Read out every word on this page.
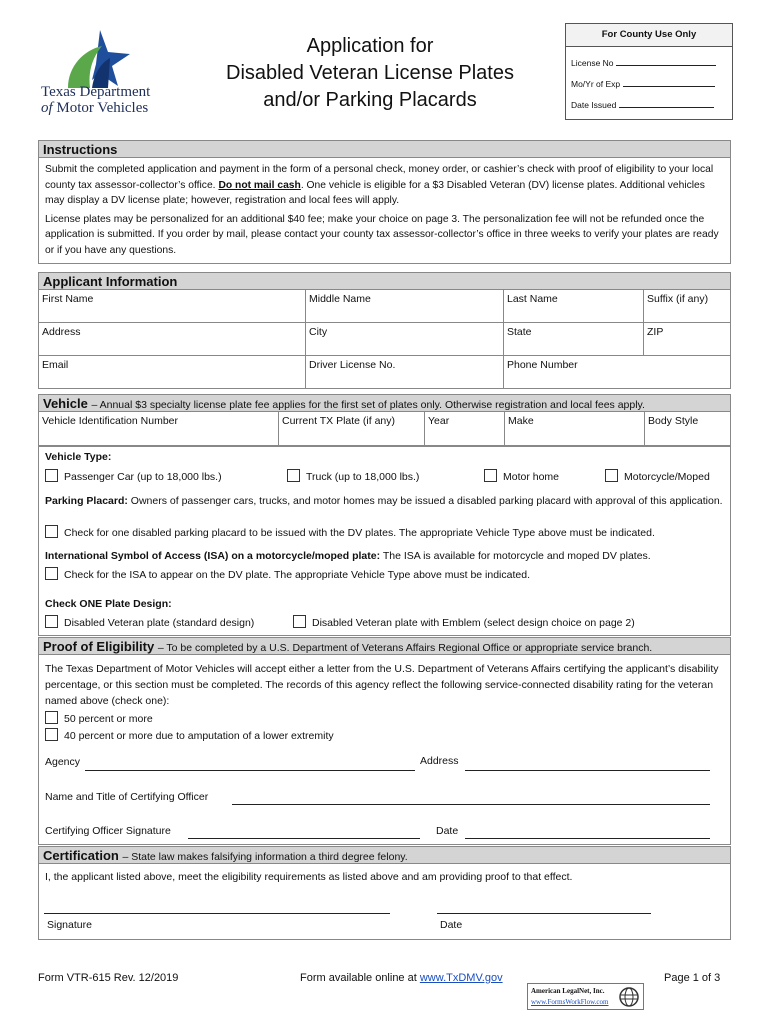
Texas Department
of Motor Vehicles
Application for
Disabled Veteran License Plates
and/or Parking Placards
For County Use Only
License No
Mo/Yr of Exp
Date Issued
Instructions
Submit the completed application and payment in the form of a personal check, money order, or cashier’s check with proof of eligibility to your local county tax assessor-collector’s office. Do not mail cash. One vehicle is eligible for a $3 Disabled Veteran (DV) license plates. Additional vehicles may display a DV license plate; however, registration and local fees will apply.
License plates may be personalized for an additional $40 fee; make your choice on page 3. The personalization fee will not be refunded once the application is submitted. If you order by mail, please contact your county tax assessor-collector’s office in three weeks to verify your plates are ready or if you have any questions.
Applicant Information
First Name	Middle Name	Last Name	Suffix (if any)
Address	City	State	ZIP
Email	Driver License No.	Phone Number
Vehicle – Annual $3 specialty license plate fee applies for the first set of plates only. Otherwise registration and local fees apply.
Vehicle Identification Number	Current TX Plate (if any)	Year	Make	Body Style
Vehicle Type:
Passenger Car (up to 18,000 lbs.)	Truck (up to 18,000 lbs.)	Motor home	Motorcycle/Moped
Parking Placard: Owners of passenger cars, trucks, and motor homes may be issued a disabled parking placard with approval of this application.
Check for one disabled parking placard to be issued with the DV plates. The appropriate Vehicle Type above must be indicated.
International Symbol of Access (ISA) on a motorcycle/moped plate: The ISA is available for motorcycle and moped DV plates.
Check for the ISA to appear on the DV plate. The appropriate Vehicle Type above must be indicated.
Check ONE Plate Design:
Disabled Veteran plate (standard design)	Disabled Veteran plate with Emblem (select design choice on page 2)
Proof of Eligibility – To be completed by a U.S. Department of Veterans Affairs Regional Office or appropriate service branch.
The Texas Department of Motor Vehicles will accept either a letter from the U.S. Department of Veterans Affairs certifying the applicant’s disability percentage, or this section must be completed. The records of this agency reflect the following service-connected disability rating for the veteran named above (check one):
50 percent or more
40 percent or more due to amputation of a lower extremity
Agency	Address
Name and Title of Certifying Officer
Certifying Officer Signature	Date
Certification – State law makes falsifying information a third degree felony.
I, the applicant listed above, meet the eligibility requirements as listed above and am providing proof to that effect.
Signature	Date
Form VTR-615 Rev. 12/2019	Form available online at www.TxDMV.gov	Page 1 of 3
American LegalNet, Inc.
www.FormsWorkFlow.com
